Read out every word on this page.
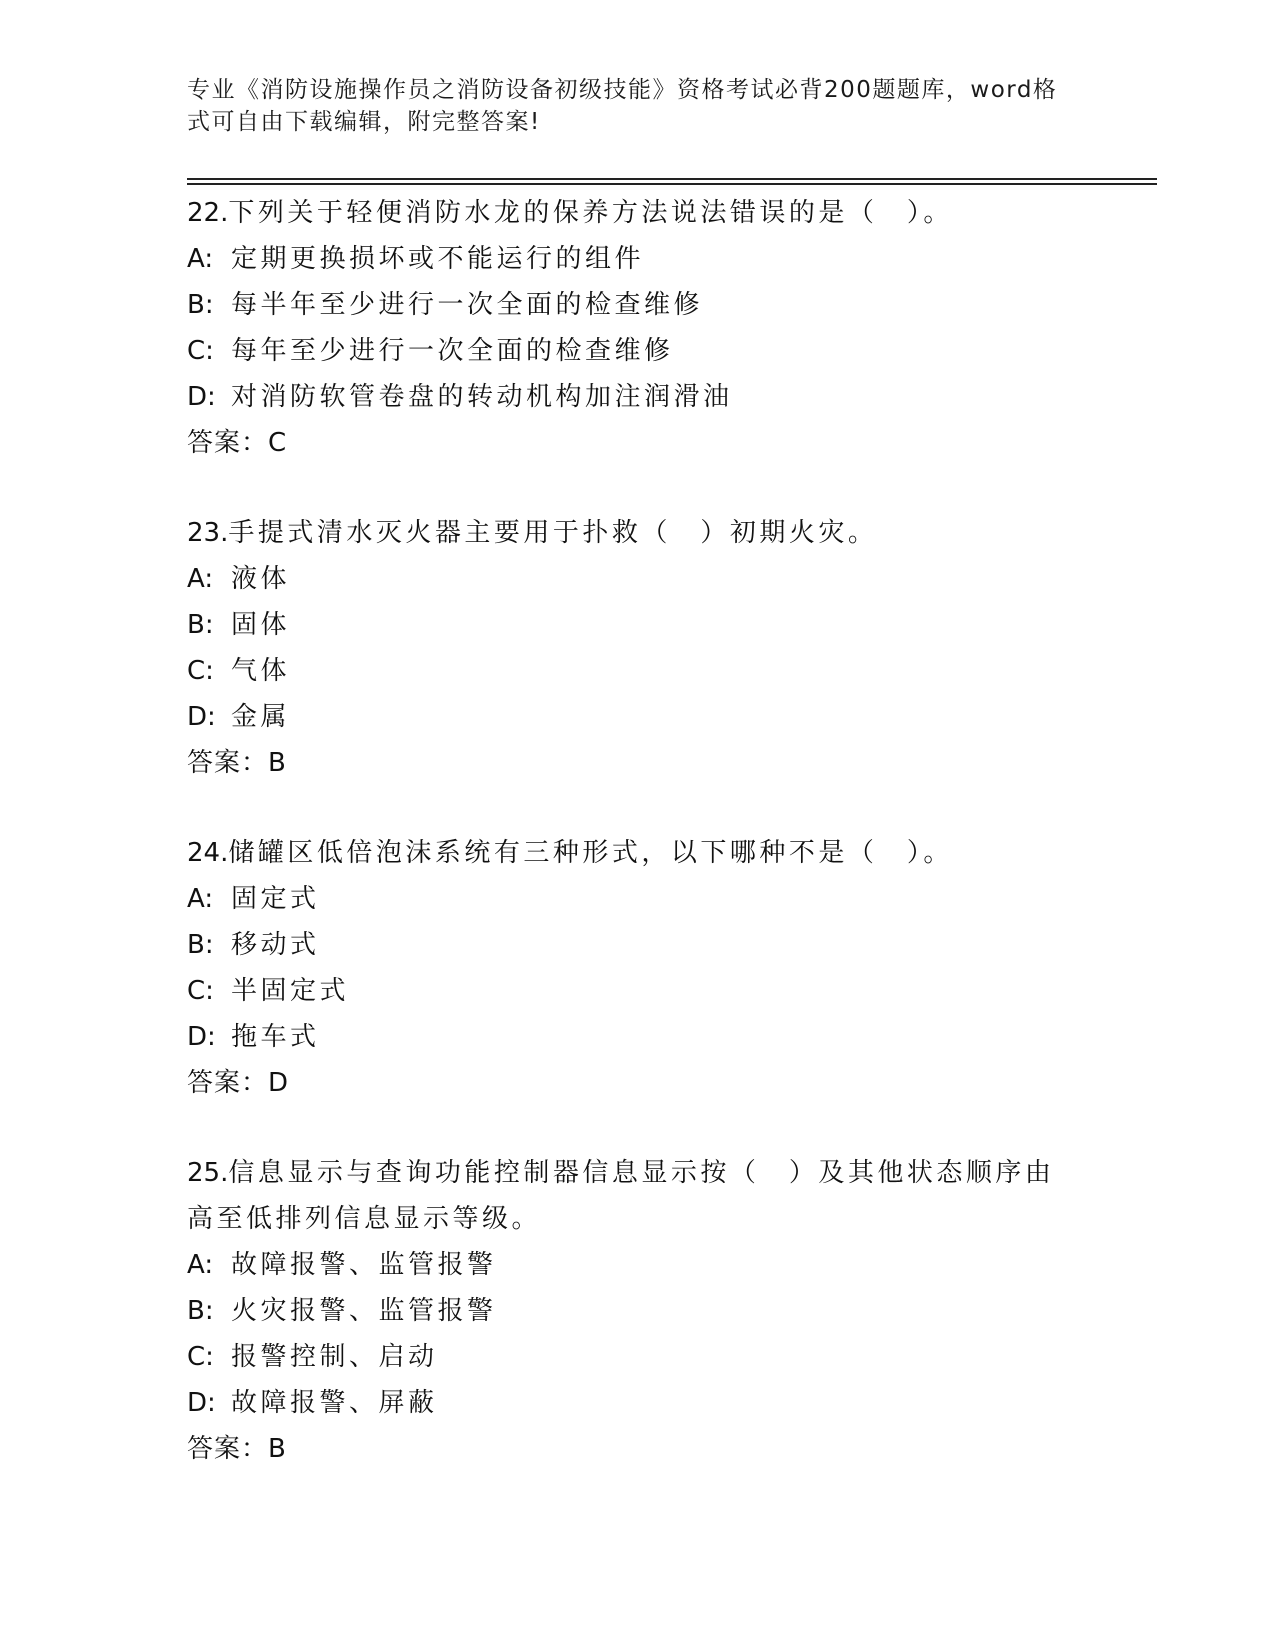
专业《消防设施操作员之消防设备初级技能》资格考试必背200题题库，word格式可自由下载编辑，附完整答案!

22.下列关于轻便消防水龙的保养方法说法错误的是（　）。

A: 定期更换损坏或不能运行的组件

B: 每半年至少进行一次全面的检查维修

C: 每年至少进行一次全面的检查维修

D: 对消防软管卷盘的转动机构加注润滑油

答案：C

23.手提式清水灭火器主要用于扑救（　）初期火灾。

A: 液体

B: 固体

C: 气体

D: 金属

答案：B

24.储罐区低倍泡沫系统有三种形式，以下哪种不是（　）。

A: 固定式

B: 移动式

C: 半固定式

D: 拖车式

答案：D

25.信息显示与查询功能控制器信息显示按（　）及其他状态顺序由高至低排列信息显示等级。

A: 故障报警、监管报警

B: 火灾报警、监管报警

C: 报警控制、启动

D: 故障报警、屏蔽

答案：B
